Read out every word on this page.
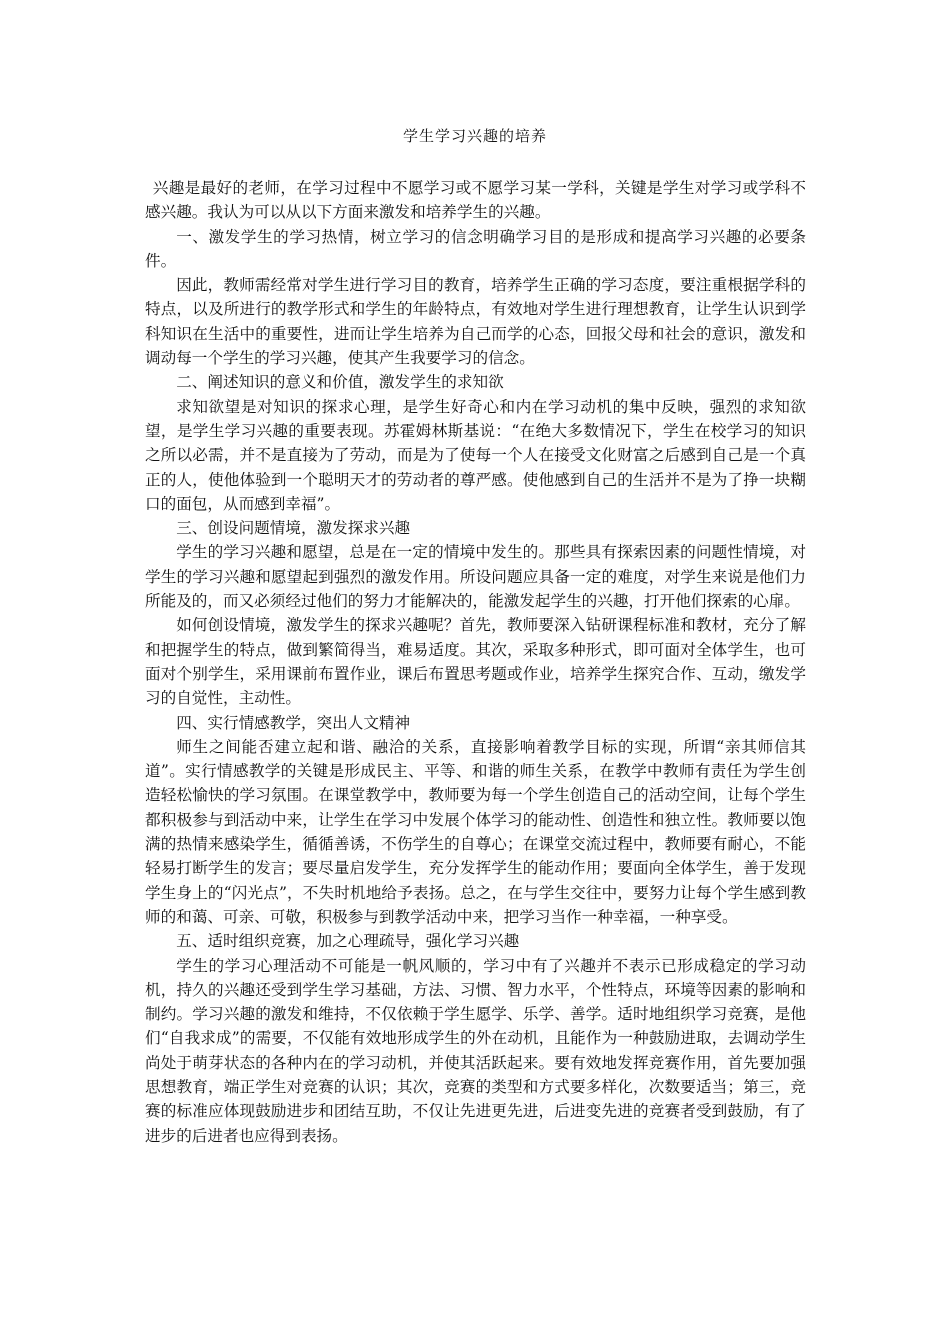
学生学习兴趣的培养

兴趣是最好的老师，在学习过程中不愿学习或不愿学习某一学科，关键是学生对学习或学科不感兴趣。我认为可以从以下方面来激发和培养学生的兴趣。

一、激发学生的学习热情，树立学习的信念明确学习目的是形成和提高学习兴趣的必要条件。

因此，教师需经常对学生进行学习目的教育，培养学生正确的学习态度，要注重根据学科的特点，以及所进行的教学形式和学生的年龄特点，有效地对学生进行理想教育，让学生认识到学科知识在生活中的重要性，进而让学生培养为自己而学的心态，回报父母和社会的意识，激发和调动每一个学生的学习兴趣，使其产生我要学习的信念。

二、阐述知识的意义和价值，激发学生的求知欲

求知欲望是对知识的探求心理，是学生好奇心和内在学习动机的集中反映，强烈的求知欲望，是学生学习兴趣的重要表现。苏霍姆林斯基说：“在绝大多数情况下，学生在校学习的知识之所以必需，并不是直接为了劳动，而是为了使每一个人在接受文化财富之后感到自己是一个真正的人，使他体验到一个聪明天才的劳动者的尊严感。使他感到自己的生活并不是为了挣一块糊口的面包，从而感到幸福”。

三、创设问题情境，激发探求兴趣

学生的学习兴趣和愿望，总是在一定的情境中发生的。那些具有探索因素的问题性情境，对学生的学习兴趣和愿望起到强烈的激发作用。所设问题应具备一定的难度，对学生来说是他们力所能及的，而又必须经过他们的努力才能解决的，能激发起学生的兴趣，打开他们探索的心扉。

如何创设情境，激发学生的探求兴趣呢？首先，教师要深入钻研课程标准和教材，充分了解和把握学生的特点，做到繁简得当，难易适度。其次，采取多种形式，即可面对全体学生，也可面对个别学生，采用课前布置作业，课后布置思考题或作业，培养学生探究合作、互动，缴发学习的自觉性，主动性。

四、实行情感教学，突出人文精神

师生之间能否建立起和谐、融洽的关系，直接影响着教学目标的实现，所谓“亲其师信其道”。实行情感教学的关键是形成民主、平等、和谐的师生关系，在教学中教师有责任为学生创造轻松愉快的学习氛围。在课堂教学中，教师要为每一个学生创造自己的活动空间，让每个学生都积极参与到活动中来，让学生在学习中发展个体学习的能动性、创造性和独立性。教师要以饱满的热情来感染学生，循循善诱，不伤学生的自尊心；在课堂交流过程中，教师要有耐心，不能轻易打断学生的发言；要尽量启发学生，充分发挥学生的能动作用；要面向全体学生，善于发现学生身上的“闪光点”，不失时机地给予表扬。总之，在与学生交往中，要努力让每个学生感到教师的和蔼、可亲、可敬，积极参与到教学活动中来，把学习当作一种幸福，一种享受。

五、适时组织竞赛，加之心理疏导，强化学习兴趣

学生的学习心理活动不可能是一帆风顺的，学习中有了兴趣并不表示已形成稳定的学习动机，持久的兴趣还受到学生学习基础，方法、习惯、智力水平，个性特点，环境等因素的影响和制约。学习兴趣的激发和维持，不仅依赖于学生愿学、乐学、善学。适时地组织学习竞赛，是他们“自我求成”的需要，不仅能有效地形成学生的外在动机，且能作为一种鼓励进取，去调动学生尚处于萌芽状态的各种内在的学习动机，并使其活跃起来。要有效地发挥竞赛作用，首先要加强思想教育，端正学生对竞赛的认识；其次，竞赛的类型和方式要多样化，次数要适当；第三，竞赛的标准应体现鼓励进步和团结互助，不仅让先进更先进，后进变先进的竞赛者受到鼓励，有了进步的后进者也应得到表扬。
